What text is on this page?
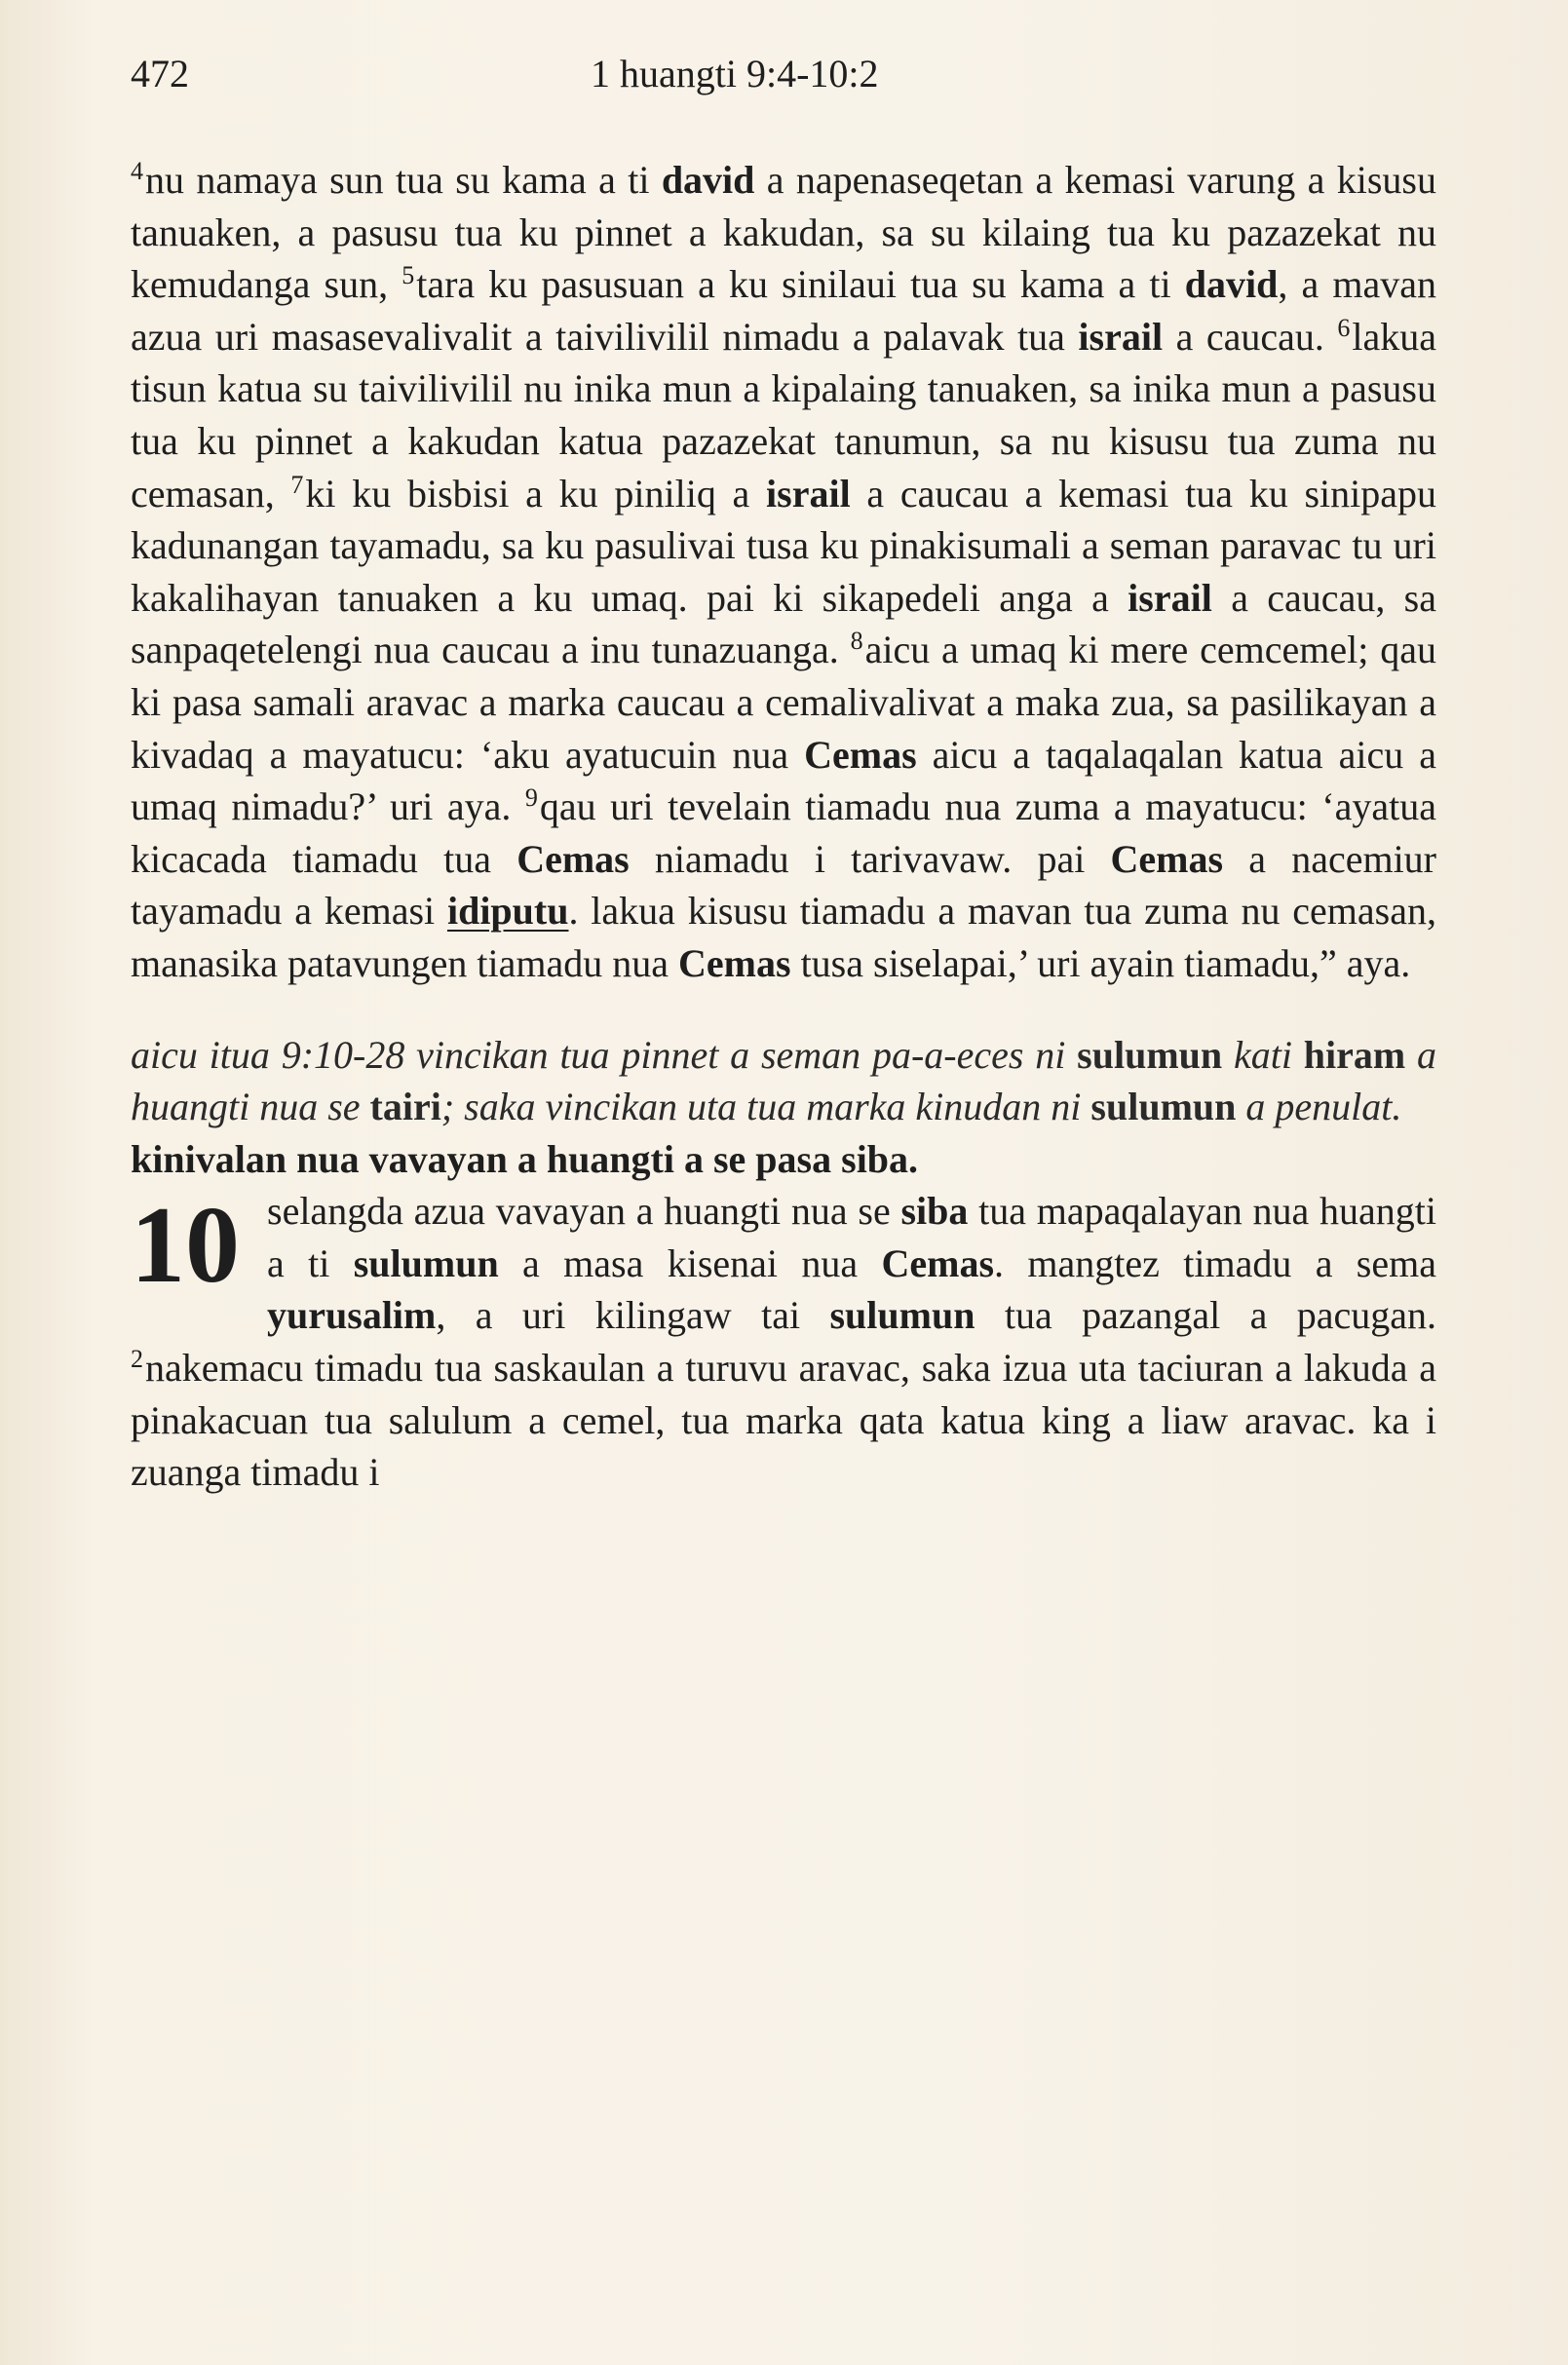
472	1 huangti 9:4-10:2

$^4$nu namaya sun tua su kama a ti david a napenaseqetan a kemasi varung a kisusu tanuaken, a pasusu tua ku pinnet a kakudan, sa su kilaing tua ku pazazekat nu kemudanga sun, $^5$tara ku pasusuan a ku sinilaui tua su kama a ti david, a mavan azua uri masasevalivalit a taivilivilil nimadu a palavak tua israil a caucau. $^6$lakua tisun katua su taivilivilil nu inika mun a kipalaing tanuaken, sa inika mun a pasusu tua ku pinnet a kakudan katua pazazekat tanumun, sa nu kisusu tua zuma nu cemasan, $^7$ki ku bisbisi a ku piniliq a israil a caucau a kemasi tua ku sinipapu kadunangan tayamadu, sa ku pasulivai tusa ku pinakisumali a seman paravac tu uri kakalihayan tanuaken a ku umaq. pai ki sikapedeli anga a israil a caucau, sa sanpaqetelengi nua caucau a inu tunazuanga. $^8$aicu a umaq ki mere cemcemel; qau ki pasa samali aravac a marka caucau a cemalivalivat a maka zua, sa pasilikayan a kivadaq a mayatucu: ‘aku ayatucuin nua Cemas aicu a taqalaqalan katua aicu a umaq nimadu?’ uri aya. $^9$qau uri tevelain tiamadu nua zuma a mayatucu: ‘ayatua kicacada tiamadu tua Cemas niamadu i tarivavaw. pai Cemas a nacemiur tayamadu a kemasi idiputu. lakua kisusu tiamadu a mavan tua zuma nu cemasan, manasika patavungen tiamadu nua Cemas tusa siselapai,’ uri ayain tiamadu,” aya.

aicu itua 9:10-28 vincikan tua pinnet a seman pa-a-eces ni sulumun kati hiram a huangti nua se tairi; saka vincikan uta tua marka kinudan ni sulumun a penulat.

kinivalan nua vavayan a huangti a se pasa siba.

10 selangda azua vavayan a huangti nua se siba tua mapaqalayan nua huangti a ti sulumun a masa kisenai nua Cemas. mangtez timadu a sema yurusalim, a uri kilingaw tai sulumun tua pazangal a pacugan. $^2$nakemacu timadu tua saskaulan a turuvu aravac, saka izua uta taciuran a lakuda a pinakacuan tua salulum a cemel, tua marka qata katua king a liaw aravac. ka i zuanga timadu i
